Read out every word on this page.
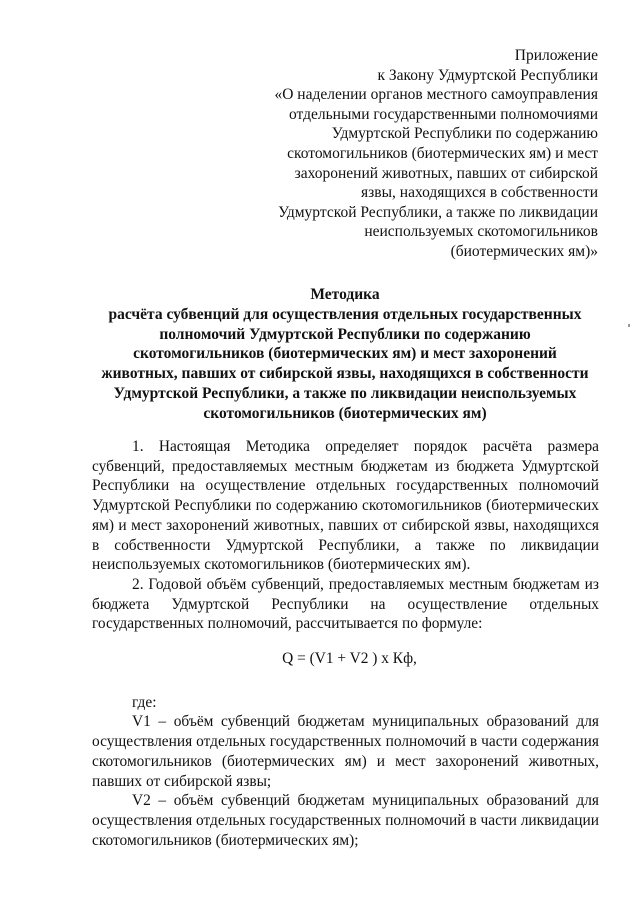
Приложение
к Закону Удмуртской Республики
«О наделении органов местного самоуправления
отдельными государственными полномочиями
Удмуртской Республики по содержанию
скотомогильников (биотермических ям) и мест
захоронений животных, павших от сибирской
язвы, находящихся в собственности
Удмуртской Республики, а также по ликвидации
неиспользуемых скотомогильников
(биотермических ям)»
Методика
расчёта субвенций для осуществления отдельных государственных
полномочий Удмуртской Республики по содержанию
скотомогильников (биотермических ям) и мест захоронений
животных, павших от сибирской язвы, находящихся в собственности
Удмуртской Республики, а также по ликвидации неиспользуемых
скотомогильников (биотермических ям)

1. Настоящая Методика определяет порядок расчёта размера субвенций, предоставляемых местным бюджетам из бюджета Удмуртской Республики на осуществление отдельных государственных полномочий Удмуртской Республики по содержанию скотомогильников (биотермических ям) и мест захоронений животных, павших от сибирской язвы, находящихся в собственности Удмуртской Республики, а также по ликвидации неиспользуемых скотомогильников (биотермических ям).

2. Годовой объём субвенций, предоставляемых местным бюджетам из бюджета Удмуртской Республики на осуществление отдельных государственных полномочий, рассчитывается по формуле:

Q = (V1 + V2 ) х Кф,

где:

V1 – объём субвенций бюджетам муниципальных образований для осуществления отдельных государственных полномочий в части содержания скотомогильников (биотермических ям) и мест захоронений животных, павших от сибирской язвы;

V2 – объём субвенций бюджетам муниципальных образований для осуществления отдельных государственных полномочий в части ликвидации скотомогильников (биотермических ям);
